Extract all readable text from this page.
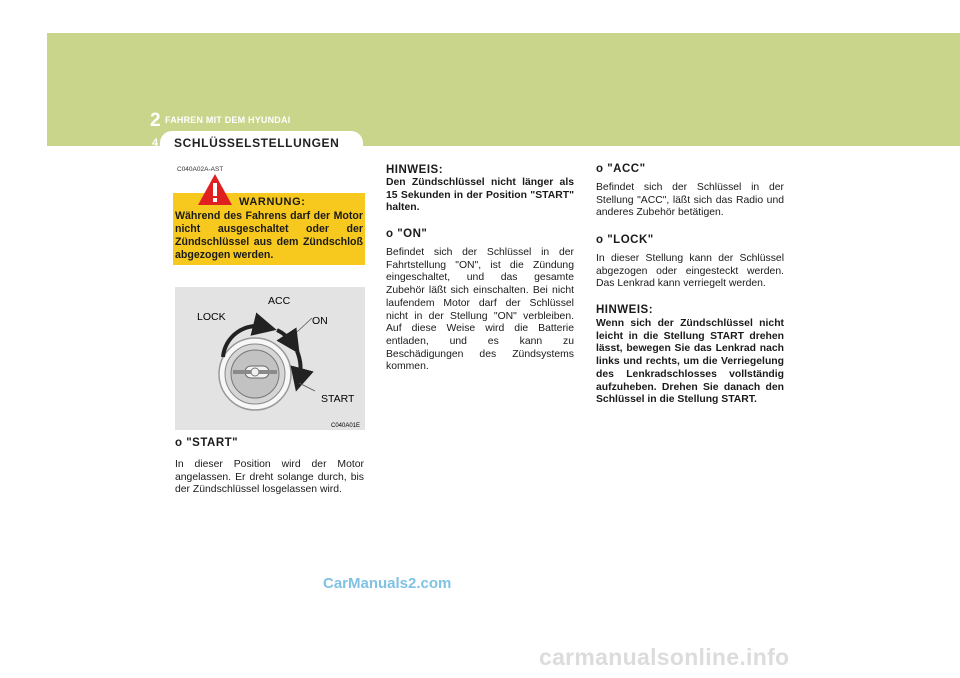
2 FAHREN MIT DEM HYUNDAI
4 SCHLÜSSELSTELLUNGEN
C040A02A-AST
WARNUNG:
Während des Fahrens darf der Motor nicht ausgeschaltet oder der Zündschlüssel aus dem Zündschloß abgezogen werden.
LOCK
ACC
ON
START
C040A01E
o "START"
In dieser Position wird der Motor angelassen. Er dreht solange durch, bis der Zündschlüssel losgelassen wird.
HINWEIS:
Den Zündschlüssel nicht länger als 15 Sekunden in der Position "START" halten.
o "ON"
Befindet sich der Schlüssel in der Fahrtstellung "ON", ist die Zündung eingeschaltet, und das gesamte Zubehör läßt sich einschalten. Bei nicht laufendem Motor darf der Schlüssel nicht in der Stellung "ON" verbleiben. Auf diese Weise wird die Batterie entladen, und es kann zu Beschädigungen des Zündsystems kommen.
o "ACC"
Befindet sich der Schlüssel in der Stellung "ACC", läßt sich das Radio und anderes Zubehör betätigen.
o "LOCK"
In dieser Stellung kann der Schlüssel abgezogen oder eingesteckt werden. Das Lenkrad kann verriegelt werden.
HINWEIS:
Wenn sich der Zündschlüssel nicht leicht in die Stellung START drehen lässt, bewegen Sie das Lenkrad nach links und rechts, um die Verriegelung des Lenkradschlosses vollständig aufzuheben. Drehen Sie danach den Schlüssel in die Stellung START.
CarManuals2.com
carmanualsonline.info
